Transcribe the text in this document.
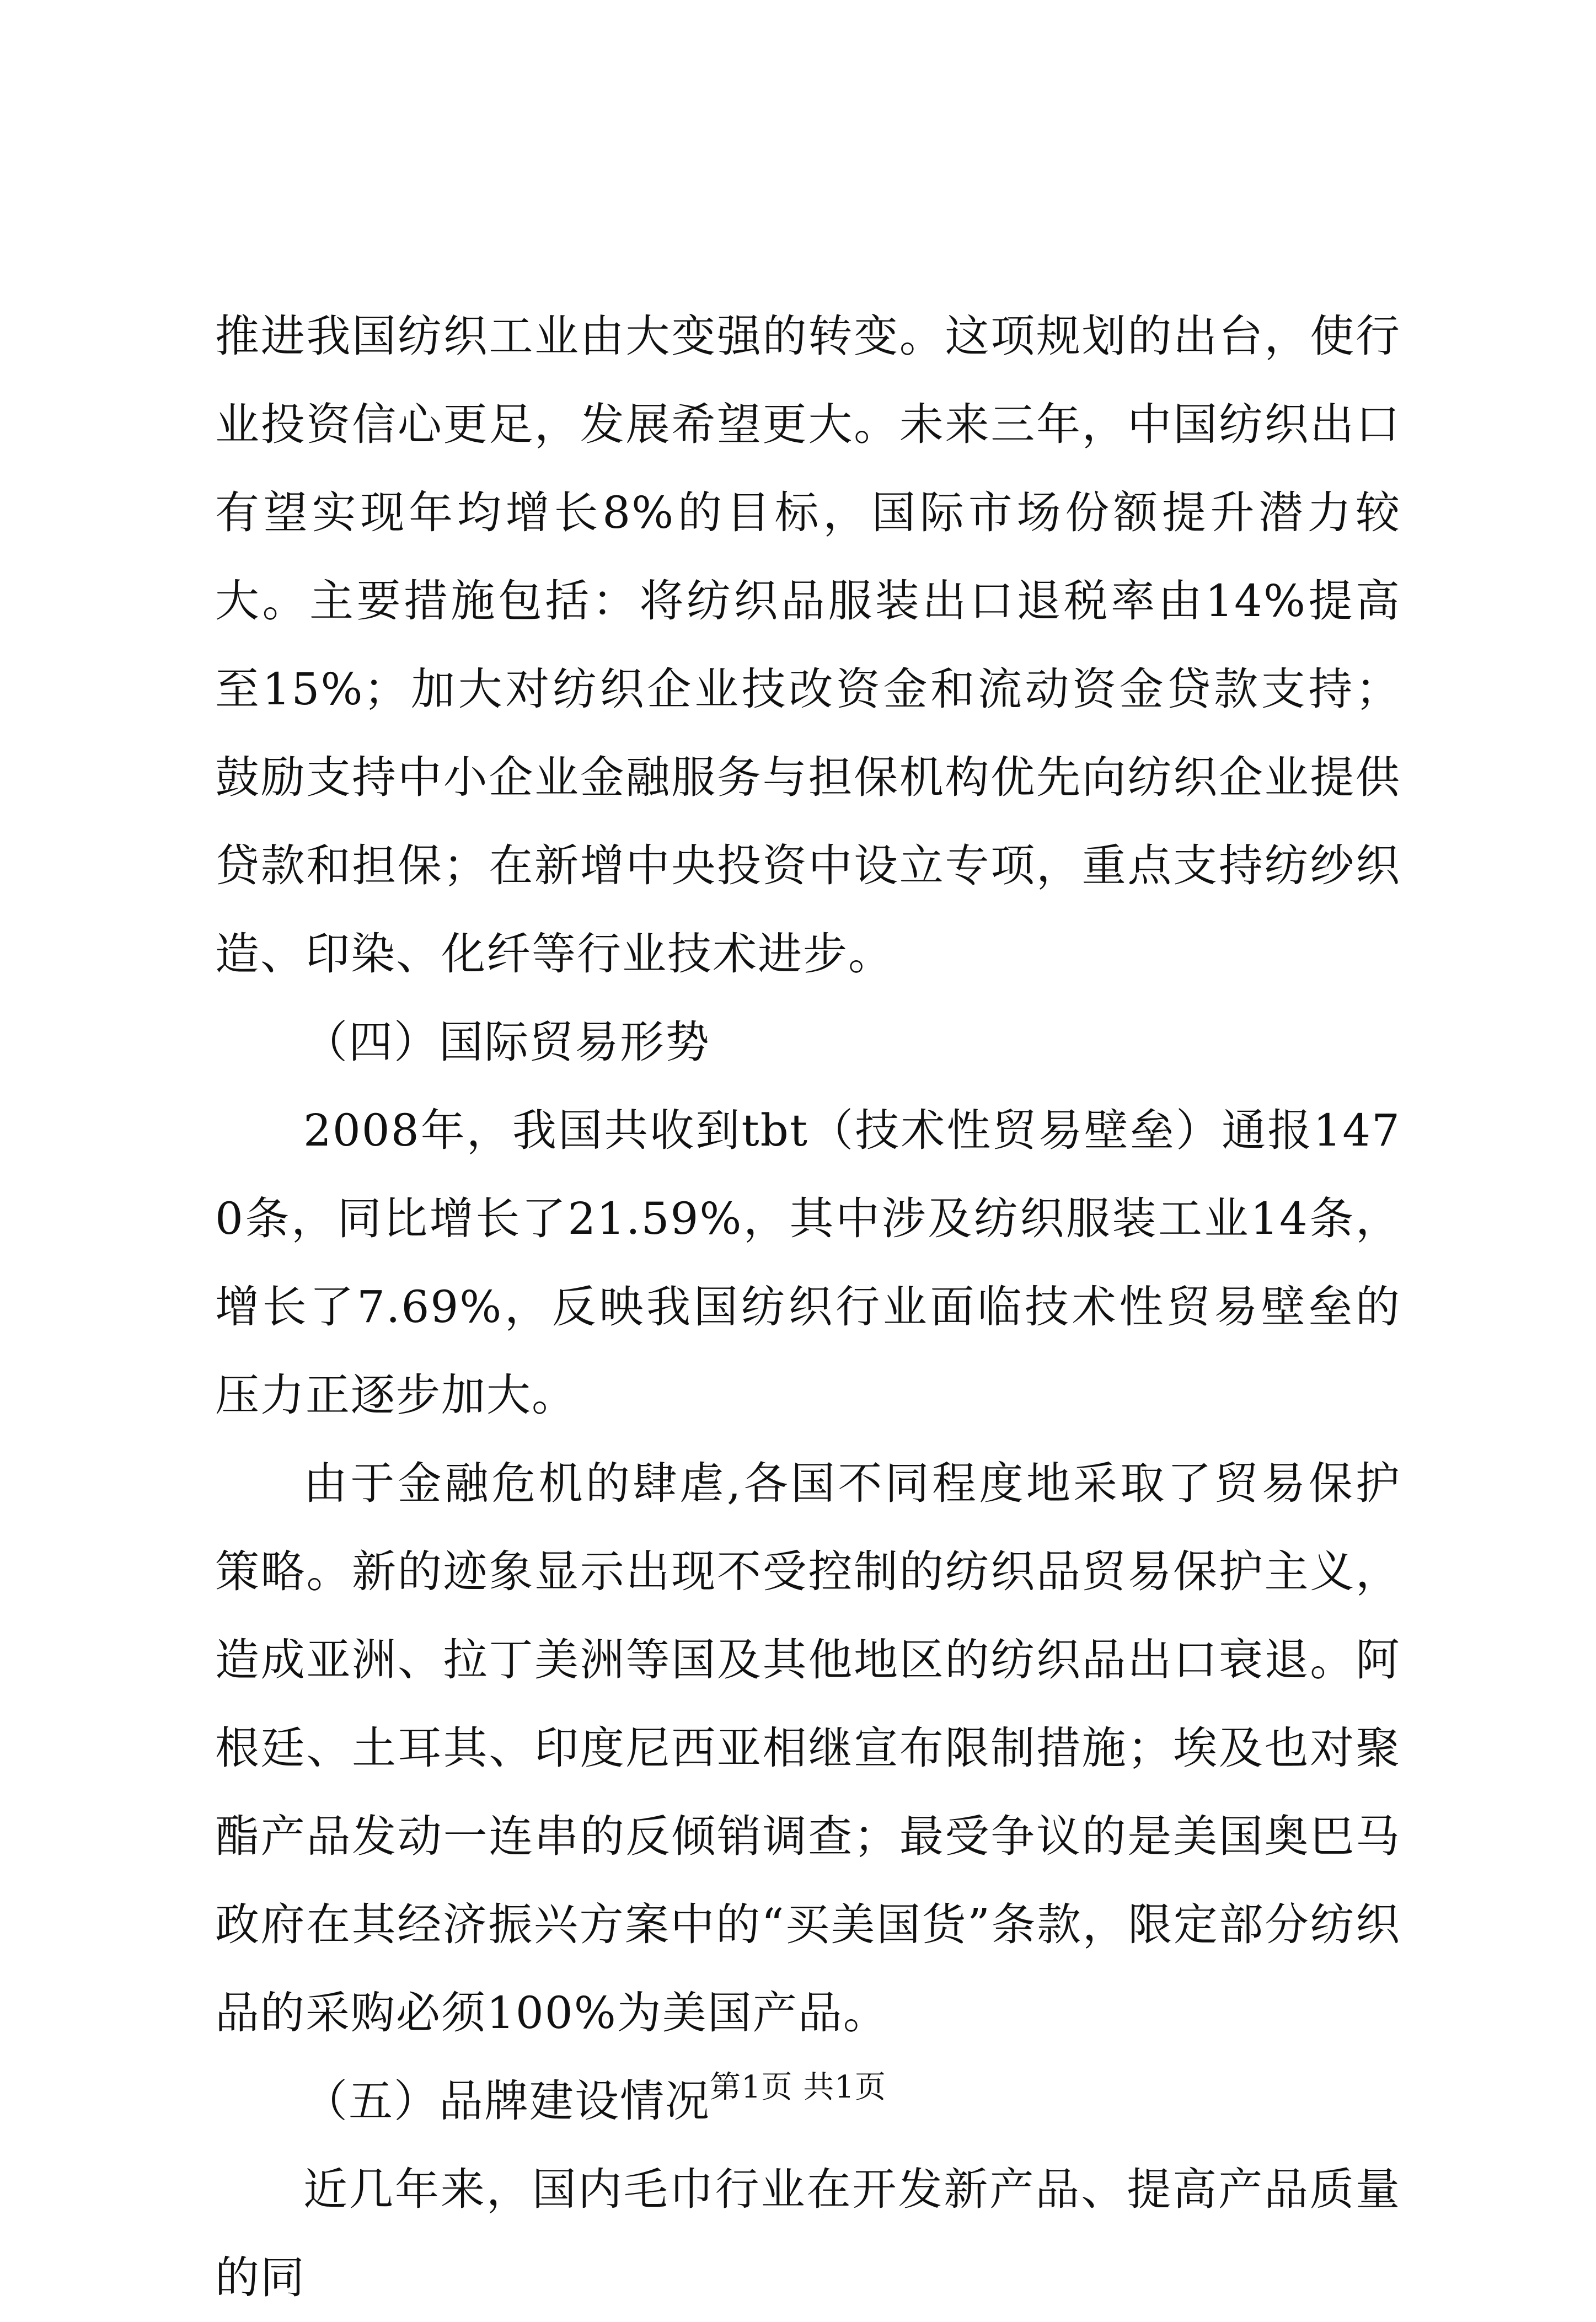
推进我国纺织工业由大变强的转变。这项规划的出台，使行业投资信心更足，发展希望更大。未来三年，中国纺织出口有望实现年均增长8%的目标，国际市场份额提升潜力较大。主要措施包括：将纺织品服装出口退税率由14%提高至15%；加大对纺织企业技改资金和流动资金贷款支持；鼓励支持中小企业金融服务与担保机构优先向纺织企业提供贷款和担保；在新增中央投资中设立专项，重点支持纺纱织造、印染、化纤等行业技术进步。

（四）国际贸易形势

2008年，我国共收到tbt（技术性贸易壁垒）通报1470条，同比增长了21.59%，其中涉及纺织服装工业14条，增长了7.69%，反映我国纺织行业面临技术性贸易壁垒的压力正逐步加大。

由于金融危机的肆虐,各国不同程度地采取了贸易保护策略。新的迹象显示出现不受控制的纺织品贸易保护主义，造成亚洲、拉丁美洲等国及其他地区的纺织品出口衰退。阿根廷、土耳其、印度尼西亚相继宣布限制措施；埃及也对聚酯产品发动一连串的反倾销调查；最受争议的是美国奥巴马政府在其经济振兴方案中的“买美国货”条款，限定部分纺织品的采购必须100%为美国产品。

（五）品牌建设情况

近几年来，国内毛巾行业在开发新产品、提高产品质量的同

第1页 共1页
